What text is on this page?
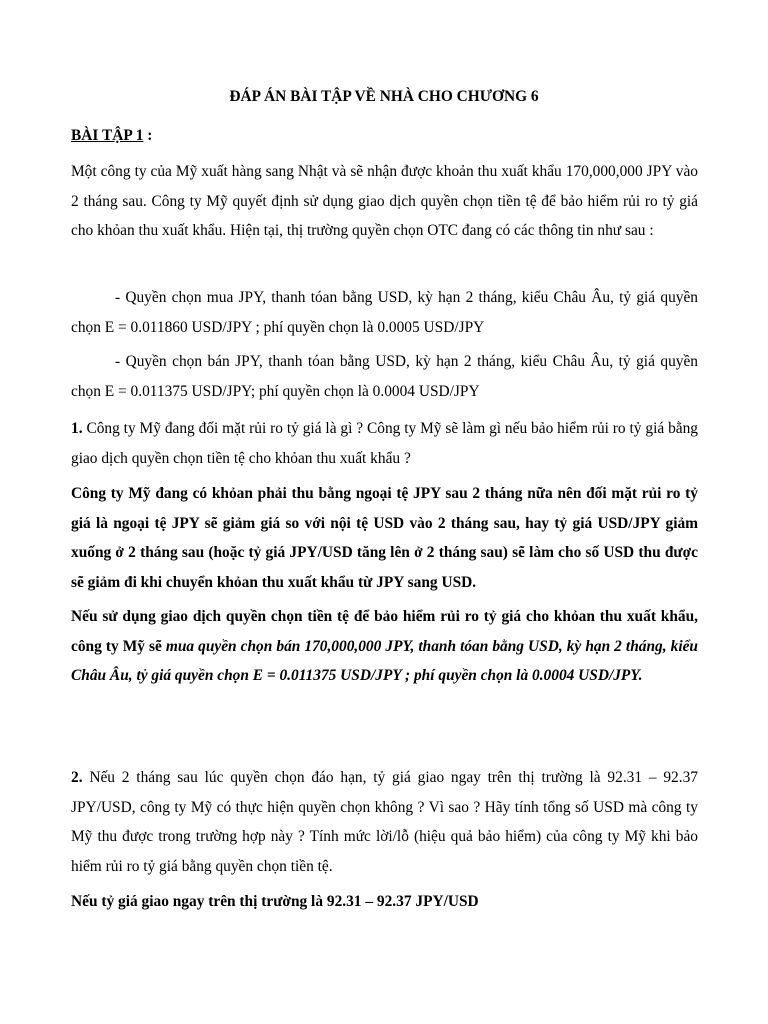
ĐÁP ÁN BÀI TẬP VỀ NHÀ CHO CHƯƠNG 6

BÀI TẬP 1 :

Một công ty của Mỹ xuất hàng sang Nhật và sẽ nhận được khoản thu xuất khẩu 170,000,000 JPY vào 2 tháng sau. Công ty Mỹ quyết định sử dụng giao dịch quyền chọn tiền tệ để bảo hiểm rủi ro tỷ giá cho khỏan thu xuất khẩu. Hiện tại, thị trường quyền chọn OTC đang có các thông tin như sau :

- Quyền chọn mua JPY, thanh tóan bằng USD, kỳ hạn 2 tháng, kiểu Châu Âu, tỷ giá quyền chọn E = 0.011860 USD/JPY ; phí quyền chọn là 0.0005 USD/JPY

- Quyền chọn bán JPY, thanh tóan bằng USD, kỳ hạn 2 tháng, kiểu Châu Âu, tỷ giá quyền chọn E = 0.011375 USD/JPY; phí quyền chọn là 0.0004 USD/JPY

1. Công ty Mỹ đang đối mặt rủi ro tỷ giá là gì ? Công ty Mỹ sẽ làm gì nếu bảo hiểm rủi ro tỷ giá bằng giao dịch quyền chọn tiền tệ cho khỏan thu xuất khẩu ?

Công ty Mỹ đang có khỏan phải thu bằng ngoại tệ JPY sau 2 tháng nữa nên đối mặt rủi ro tỷ giá là ngoại tệ JPY sẽ giảm giá so với nội tệ USD vào 2 tháng sau, hay tỷ giá USD/JPY giảm xuống ở 2 tháng sau (hoặc tỷ giá JPY/USD tăng lên ở 2 tháng sau) sẽ làm cho số USD thu được sẽ giảm đi khi chuyển khỏan thu xuất khẩu từ JPY sang USD.

Nếu sử dụng giao dịch quyền chọn tiền tệ để bảo hiểm rủi ro tỷ giá cho khỏan thu xuất khẩu, công ty Mỹ sẽ mua quyền chọn bán 170,000,000 JPY, thanh tóan bằng USD, kỳ hạn 2 tháng, kiểu Châu Âu, tỷ giá quyền chọn E = 0.011375 USD/JPY ; phí quyền chọn là 0.0004 USD/JPY.

2. Nếu 2 tháng sau lúc quyền chọn đáo hạn, tỷ giá giao ngay trên thị trường là 92.31 – 92.37 JPY/USD, công ty Mỹ có thực hiện quyền chọn không ? Vì sao ? Hãy tính tổng số USD mà công ty Mỹ thu được trong trường hợp này ? Tính mức lời/lỗ (hiệu quả bảo hiểm) của công ty Mỹ khi bảo hiểm rủi ro tỷ giá bằng quyền chọn tiền tệ.

Nếu tỷ giá giao ngay trên thị trường là 92.31 – 92.37 JPY/USD
